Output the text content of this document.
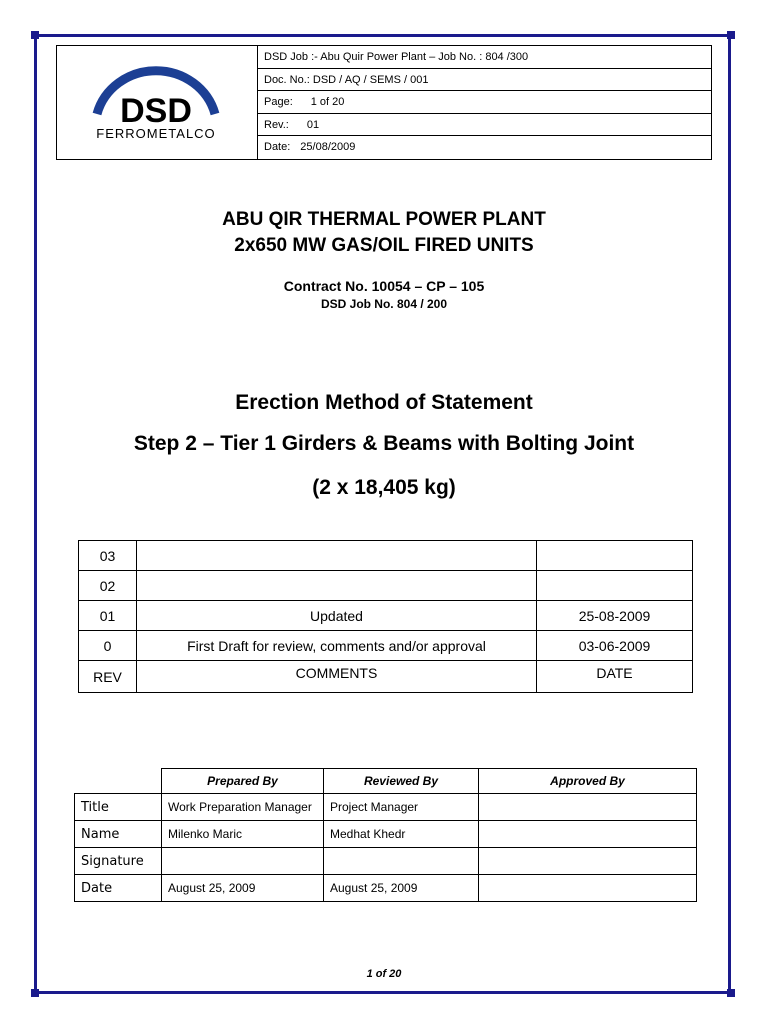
DSD
FERROMETALCO
DSD Job :- Abu Quir Power Plant – Job No. : 804 /300
Doc. No.: DSD / AQ / SEMS / 001
Page: 1 of 20
Rev.: 01
Date: 25/08/2009
ABU QIR THERMAL POWER PLANT
2x650 MW GAS/OIL FIRED UNITS
Contract No. 10054 – CP – 105
DSD Job No. 804 / 200
Erection Method of Statement
Step 2 – Tier 1 Girders & Beams with Bolting Joint
(2 x 18,405 kg)
03		
02		
01	Updated	25-08-2009
0	First Draft for review, comments and/or approval	03-06-2009
REV	COMMENTS	DATE
	Prepared By	Reviewed By	Approved By
Title	Work Preparation Manager	Project Manager	
Name	Milenko Maric	Medhat Khedr	
Signature			
Date	August 25, 2009	August 25, 2009	
1 of 20
